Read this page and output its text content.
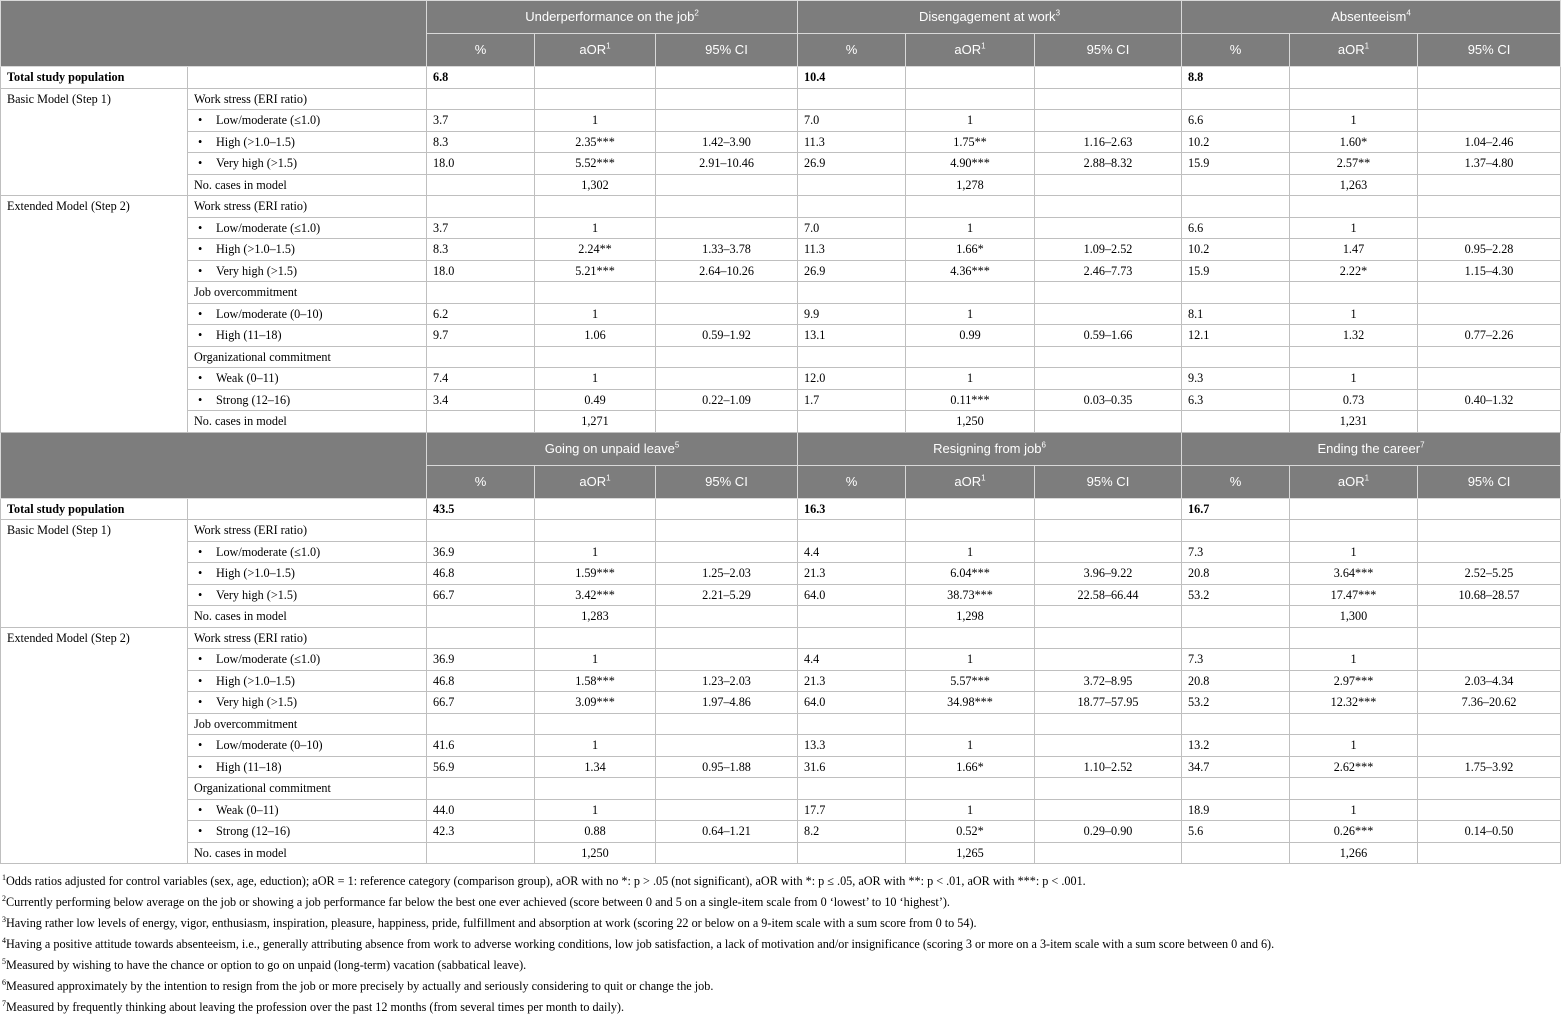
		Underperformance on the job$^2$			Disengagement at work$^3$			Absenteeism$^4$
		%	aOR$^1$	95% CI	%	aOR$^1$	95% CI	%	aOR$^1$	95% CI
Total study population		6.8			10.4			8.8		
Basic Model (Step 1)	Work stress (ERI ratio)									
	• Low/moderate (≤1.0)	3.7	1		7.0	1		6.6	1	
	• High (>1.0–1.5)	8.3	2.35***	1.42–3.90	11.3	1.75**	1.16–2.63	10.2	1.60*	1.04–2.46
	• Very high (>1.5)	18.0	5.52***	2.91–10.46	26.9	4.90***	2.88–8.32	15.9	2.57**	1.37–4.80
	No. cases in model		1,302			1,278			1,263	
Extended Model (Step 2)	Work stress (ERI ratio)									
	• Low/moderate (≤1.0)	3.7	1		7.0	1		6.6	1	
	• High (>1.0–1.5)	8.3	2.24**	1.33–3.78	11.3	1.66*	1.09–2.52	10.2	1.47	0.95–2.28
	• Very high (>1.5)	18.0	5.21***	2.64–10.26	26.9	4.36***	2.46–7.73	15.9	2.22*	1.15–4.30
	Job overcommitment									
	• Low/moderate (0–10)	6.2	1		9.9	1		8.1	1	
	• High (11–18)	9.7	1.06	0.59–1.92	13.1	0.99	0.59–1.66	12.1	1.32	0.77–2.26
	Organizational commitment									
	• Weak (0–11)	7.4	1		12.0	1		9.3	1	
	• Strong (12–16)	3.4	0.49	0.22–1.09	1.7	0.11***	0.03–0.35	6.3	0.73	0.40–1.32
	No. cases in model		1,271			1,250			1,231	
		Going on unpaid leave$^5$			Resigning from job$^6$			Ending the career$^7$
		%	aOR$^1$	95% CI	%	aOR$^1$	95% CI	%	aOR$^1$	95% CI
Total study population		43.5			16.3			16.7		
Basic Model (Step 1)	Work stress (ERI ratio)									
	• Low/moderate (≤1.0)	36.9	1		4.4	1		7.3	1	
	• High (>1.0–1.5)	46.8	1.59***	1.25–2.03	21.3	6.04***	3.96–9.22	20.8	3.64***	2.52–5.25
	• Very high (>1.5)	66.7	3.42***	2.21–5.29	64.0	38.73***	22.58–66.44	53.2	17.47***	10.68–28.57
	No. cases in model		1,283			1,298			1,300	
Extended Model (Step 2)	Work stress (ERI ratio)									
	• Low/moderate (≤1.0)	36.9	1		4.4	1		7.3	1	
	• High (>1.0–1.5)	46.8	1.58***	1.23–2.03	21.3	5.57***	3.72–8.95	20.8	2.97***	2.03–4.34
	• Very high (>1.5)	66.7	3.09***	1.97–4.86	64.0	34.98***	18.77–57.95	53.2	12.32***	7.36–20.62
	Job overcommitment									
	• Low/moderate (0–10)	41.6	1		13.3	1		13.2	1	
	• High (11–18)	56.9	1.34	0.95–1.88	31.6	1.66*	1.10–2.52	34.7	2.62***	1.75–3.92
	Organizational commitment									
	• Weak (0–11)	44.0	1		17.7	1		18.9	1	
	• Strong (12–16)	42.3	0.88	0.64–1.21	8.2	0.52*	0.29–0.90	5.6	0.26***	0.14–0.50
	No. cases in model		1,250			1,265			1,266	
$^1$Odds ratios adjusted for control variables (sex, age, eduction); aOR = 1: reference category (comparison group), aOR with no *: p > .05 (not significant), aOR with *: p ≤ .05, aOR with **: p < .01, aOR with ***: p < .001.
$^2$Currently performing below average on the job or showing a job performance far below the best one ever achieved (score between 0 and 5 on a single-item scale from 0 ‘lowest’ to 10 ‘highest’).
$^3$Having rather low levels of energy, vigor, enthusiasm, inspiration, pleasure, happiness, pride, fulfillment and absorption at work (scoring 22 or below on a 9-item scale with a sum score from 0 to 54).
$^4$Having a positive attitude towards absenteeism, i.e., generally attributing absence from work to adverse working conditions, low job satisfaction, a lack of motivation and/or insignificance (scoring 3 or more on a 3-item scale with a sum score between 0 and 6).
$^5$Measured by wishing to have the chance or option to go on unpaid (long-term) vacation (sabbatical leave).
$^6$Measured approximately by the intention to resign from the job or more precisely by actually and seriously considering to quit or change the job.
$^7$Measured by frequently thinking about leaving the profession over the past 12 months (from several times per month to daily).
